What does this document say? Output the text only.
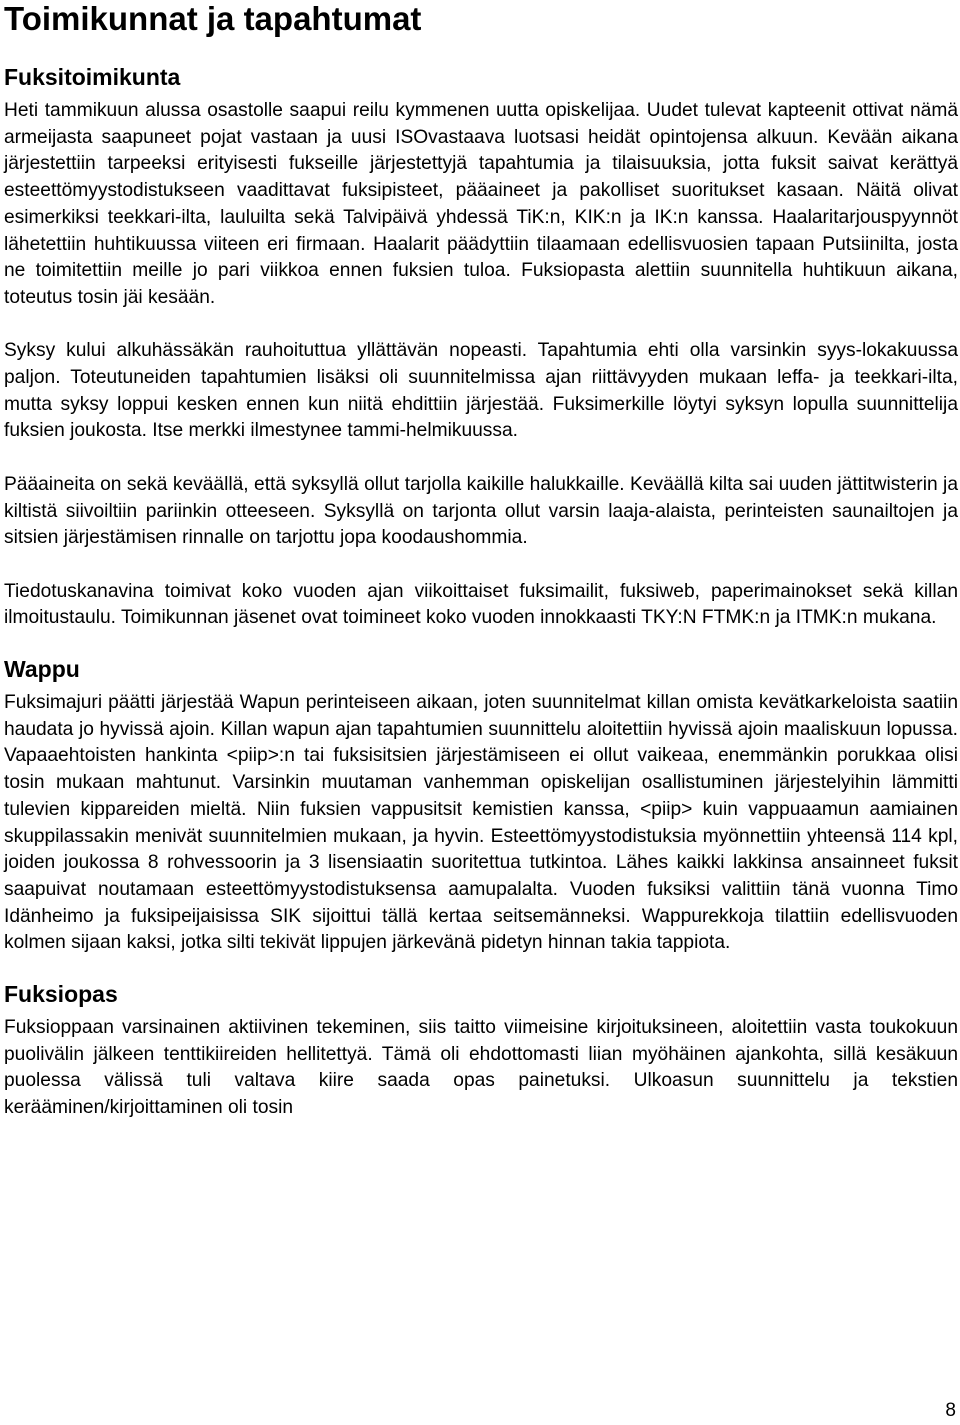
Toimikunnat ja tapahtumat
Fuksitoimikunta

Heti tammikuun alussa osastolle saapui reilu kymmenen uutta opiskelijaa. Uudet tulevat kapteenit ottivat nämä armeijasta saapuneet pojat vastaan ja uusi ISOvastaava luotsasi heidät opintojensa alkuun. Kevään aikana järjestettiin tarpeeksi erityisesti fukseille järjestettyjä tapahtumia ja tilaisuuksia, jotta fuksit saivat kerättyä esteettömyystodistukseen vaadittavat fuksipisteet, pääaineet ja pakolliset suoritukset kasaan. Näitä olivat esimerkiksi teekkari-ilta, lauluilta sekä Talvipäivä yhdessä TiK:n, KIK:n ja IK:n kanssa. Haalaritarjouspyynnöt lähetettiin huhtikuussa viiteen eri firmaan. Haalarit päädyttiin tilaamaan edellisvuosien tapaan Putsiinilta, josta ne toimitettiin meille jo pari viikkoa ennen fuksien tuloa. Fuksiopasta alettiin suunnitella huhtikuun aikana, toteutus tosin jäi kesään.

Syksy kului alkuhässäkän rauhoituttua yllättävän nopeasti. Tapahtumia ehti olla varsinkin syys-lokakuussa paljon. Toteutuneiden tapahtumien lisäksi oli suunnitelmissa ajan riittävyyden mukaan leffa- ja teekkari-ilta, mutta syksy loppui kesken ennen kun niitä ehdittiin järjestää. Fuksimerkille löytyi syksyn lopulla suunnittelija fuksien joukosta. Itse merkki ilmestynee tammi-helmikuussa.

Pääaineita on sekä keväällä, että syksyllä ollut tarjolla kaikille halukkaille. Keväällä kilta sai uuden jättitwisterin ja kiltistä siivoiltiin pariinkin otteeseen. Syksyllä on tarjonta ollut varsin laaja-alaista, perinteisten saunailtojen ja sitsien järjestämisen rinnalle on tarjottu jopa koodaushommia.

Tiedotuskanavina toimivat koko vuoden ajan viikoittaiset fuksimailit, fuksiweb, paperimainokset sekä killan ilmoitustaulu. Toimikunnan jäsenet ovat toimineet koko vuoden innokkaasti TKY:N FTMK:n ja ITMK:n mukana.

Wappu

Fuksimajuri päätti järjestää Wapun perinteiseen aikaan, joten suunnitelmat killan omista kevätkarkeloista saatiin haudata jo hyvissä ajoin. Killan wapun ajan tapahtumien suunnittelu aloitettiin hyvissä ajoin maaliskuun lopussa. Vapaaehtoisten hankinta <piip>:n tai fuksisitsien järjestämiseen ei ollut vaikeaa, enemmänkin porukkaa olisi tosin mukaan mahtunut. Varsinkin muutaman vanhemman opiskelijan osallistuminen järjestelyihin lämmitti tulevien kippareiden mieltä. Niin fuksien vappusitsit kemistien kanssa, <piip> kuin vappuaamun aamiainen skuppilassakin menivät suunnitelmien mukaan, ja hyvin. Esteettömyystodistuksia myönnettiin yhteensä 114 kpl, joiden joukossa 8 rohvessoorin ja 3 lisensiaatin suoritettua tutkintoa. Lähes kaikki lakkinsa ansainneet fuksit saapuivat noutamaan esteettömyystodistuksensa aamupalalta. Vuoden fuksiksi valittiin tänä vuonna Timo Idänheimo ja fuksipeijaisissa SIK sijoittui tällä kertaa seitsemänneksi. Wappurekkoja tilattiin edellisvuoden kolmen sijaan kaksi, jotka silti tekivät lippujen järkevänä pidetyn hinnan takia tappiota.

Fuksiopas

Fuksioppaan varsinainen aktiivinen tekeminen, siis taitto viimeisine kirjoituksineen, aloitettiin vasta toukokuun puolivälin jälkeen tenttikiireiden hellitettyä. Tämä oli ehdottomasti liian myöhäinen ajankohta, sillä kesäkuun puolessa välissä tuli valtava kiire saada opas painetuksi. Ulkoasun suunnittelu ja tekstien kerääminen/kirjoittaminen oli tosin

8
